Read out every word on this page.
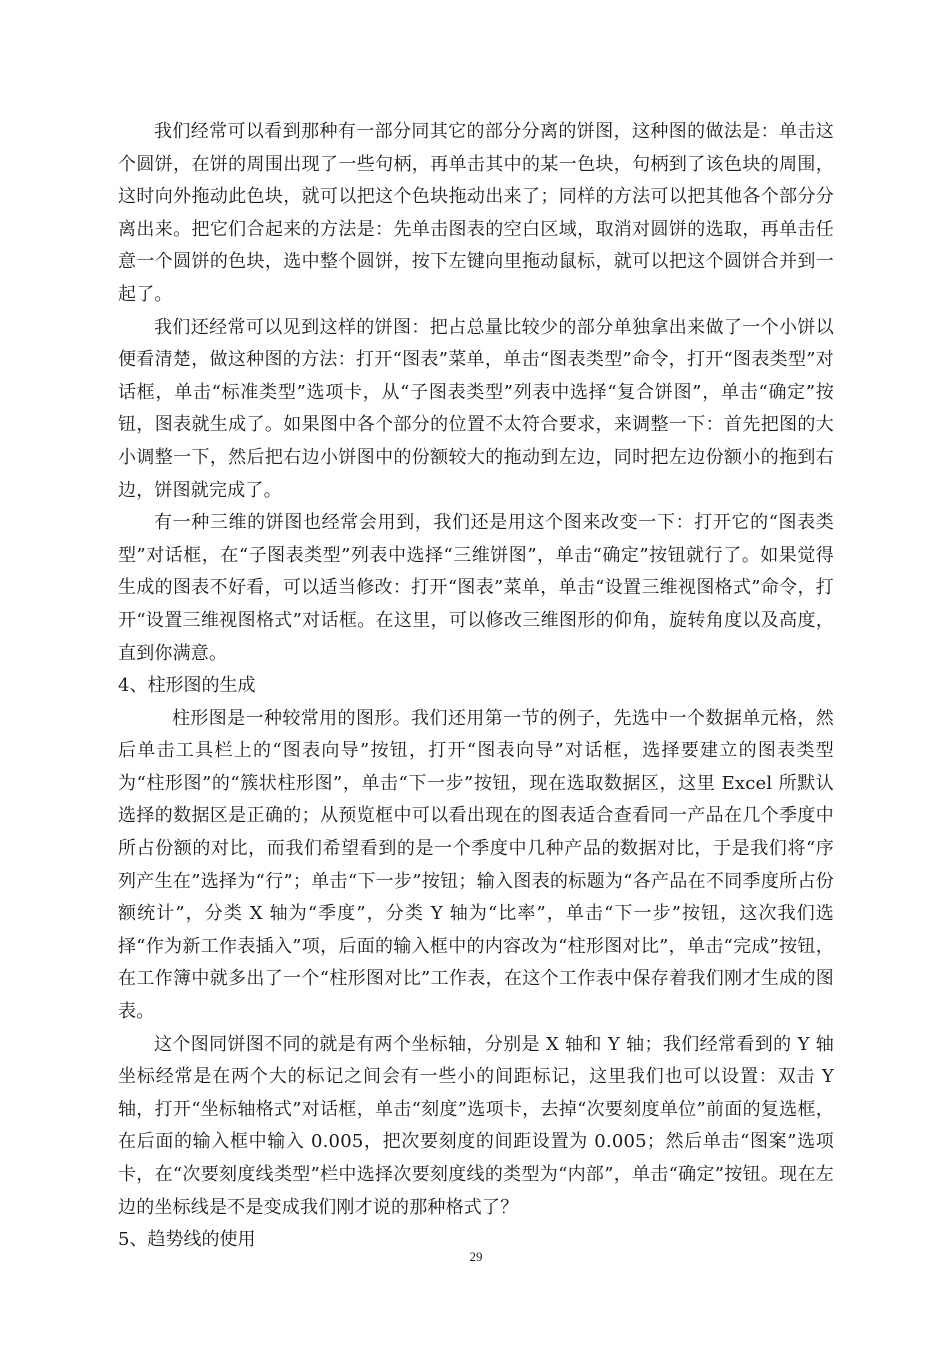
我们经常可以看到那种有一部分同其它的部分分离的饼图，这种图的做法是：单击这个圆饼，在饼的周围出现了一些句柄，再单击其中的某一色块，句柄到了该色块的周围，这时向外拖动此色块，就可以把这个色块拖动出来了；同样的方法可以把其他各个部分分离出来。把它们合起来的方法是：先单击图表的空白区域，取消对圆饼的选取，再单击任意一个圆饼的色块，选中整个圆饼，按下左键向里拖动鼠标，就可以把这个圆饼合并到一起了。

我们还经常可以见到这样的饼图：把占总量比较少的部分单独拿出来做了一个小饼以便看清楚，做这种图的方法：打开“图表”菜单，单击“图表类型”命令，打开“图表类型”对话框，单击“标准类型”选项卡，从“子图表类型”列表中选择“复合饼图”，单击“确定”按钮，图表就生成了。如果图中各个部分的位置不太符合要求，来调整一下：首先把图的大小调整一下，然后把右边小饼图中的份额较大的拖动到左边，同时把左边份额小的拖到右边，饼图就完成了。

有一种三维的饼图也经常会用到，我们还是用这个图来改变一下：打开它的“图表类型”对话框，在“子图表类型”列表中选择“三维饼图”，单击“确定”按钮就行了。如果觉得生成的图表不好看，可以适当修改：打开“图表”菜单，单击“设置三维视图格式”命令，打开“设置三维视图格式”对话框。在这里，可以修改三维图形的仰角，旋转角度以及高度，直到你满意。

4、柱形图的生成

柱形图是一种较常用的图形。我们还用第一节的例子，先选中一个数据单元格，然后单击工具栏上的“图表向导”按钮，打开“图表向导”对话框，选择要建立的图表类型为“柱形图”的“簇状柱形图”，单击“下一步”按钮，现在选取数据区，这里 Excel 所默认选择的数据区是正确的；从预览框中可以看出现在的图表适合查看同一产品在几个季度中所占份额的对比，而我们希望看到的是一个季度中几种产品的数据对比，于是我们将“序列产生在”选择为“行”；单击“下一步”按钮；输入图表的标题为“各产品在不同季度所占份额统计”，分类 X 轴为“季度”，分类 Y 轴为“比率”，单击“下一步”按钮，这次我们选择“作为新工作表插入”项，后面的输入框中的内容改为“柱形图对比”，单击“完成”按钮，在工作簿中就多出了一个“柱形图对比”工作表，在这个工作表中保存着我们刚才生成的图表。

这个图同饼图不同的就是有两个坐标轴，分别是 X 轴和 Y 轴；我们经常看到的 Y 轴坐标经常是在两个大的标记之间会有一些小的间距标记，这里我们也可以设置：双击 Y 轴，打开“坐标轴格式”对话框，单击“刻度”选项卡，去掉“次要刻度单位”前面的复选框，在后面的输入框中输入 0.005，把次要刻度的间距设置为 0.005；然后单击“图案”选项卡，在“次要刻度线类型”栏中选择次要刻度线的类型为“内部”，单击“确定”按钮。现在左边的坐标线是不是变成我们刚才说的那种格式了？

5、趋势线的使用

29
